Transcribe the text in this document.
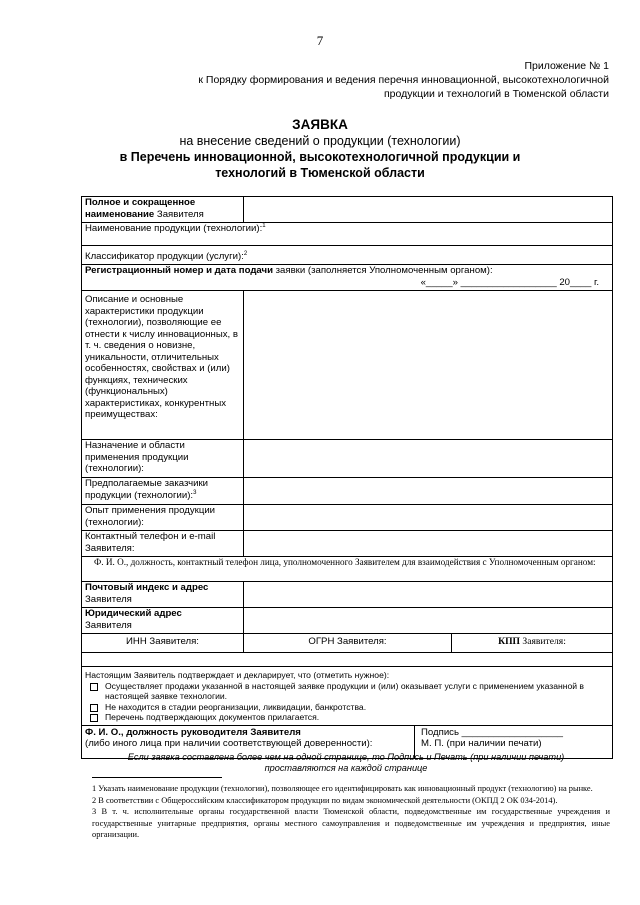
7
Приложение № 1
к Порядку формирования и ведения перечня инновационной, высокотехнологичной
продукции и технологий в Тюменской области
ЗАЯВКА
на внесение сведений о продукции (технологии)
в Перечень инновационной, высокотехнологичной продукции и
технологий в Тюменской области
Полное и сокращенное наименование Заявителя
Наименование продукции (технологии):$^1$
Классификатор продукции (услуги):$^2$
Регистрационный номер и дата подачи заявки (заполняется Уполномоченным органом):
«_____» __________________ 20____ г.
Описание и основные характеристики продукции (технологии), позволяющие ее отнести к числу инновационных, в т. ч. сведения о новизне, уникальности, отличительных особенностях, свойствах и (или) функциях, технических (функциональных) характеристиках, конкурентных преимуществах:
Назначение и области применения продукции (технологии):
Предполагаемые заказчики продукции (технологии):$^3$
Опыт применения продукции (технологии):
Контактный телефон и e-mail Заявителя:
Ф. И. О., должность, контактный телефон лица, уполномоченного Заявителем для взаимодействия с Уполномоченным органом:
Почтовый индекс и адрес
Заявителя
Юридический адрес
Заявителя
ИНН Заявителя:	ОГРН Заявителя:	КПП Заявителя:
Настоящим Заявитель подтверждает и декларирует, что (отметить нужное):
Осуществляет продажи указанной в настоящей заявке продукции и (или) оказывает услуги с применением указанной в настоящей заявке технологии.
Не находится в стадии реорганизации, ликвидации, банкротства.
Перечень подтверждающих документов прилагается.
Ф. И. О., должность руководителя Заявителя
(либо иного лица при наличии соответствующей доверенности):
Подпись ___________________
М. П. (при наличии печати)
Если заявка составлена более чем на одной странице, то Подпись и Печать (при наличии печати)
проставляются на каждой странице
1 Указать наименование продукции (технологии), позволяющее его идентифицировать как инновационный продукт (технологию) на рынке.
2 В соответствии с Общероссийским классификатором продукции по видам экономической деятельности (ОКПД 2 ОК 034-2014).
3 В т. ч. исполнительные органы государственной власти Тюменской области, подведомственные им государственные учреждения и государственные унитарные предприятия, органы местного самоуправления и подведомственные им учреждения и предприятия, иные организации.
